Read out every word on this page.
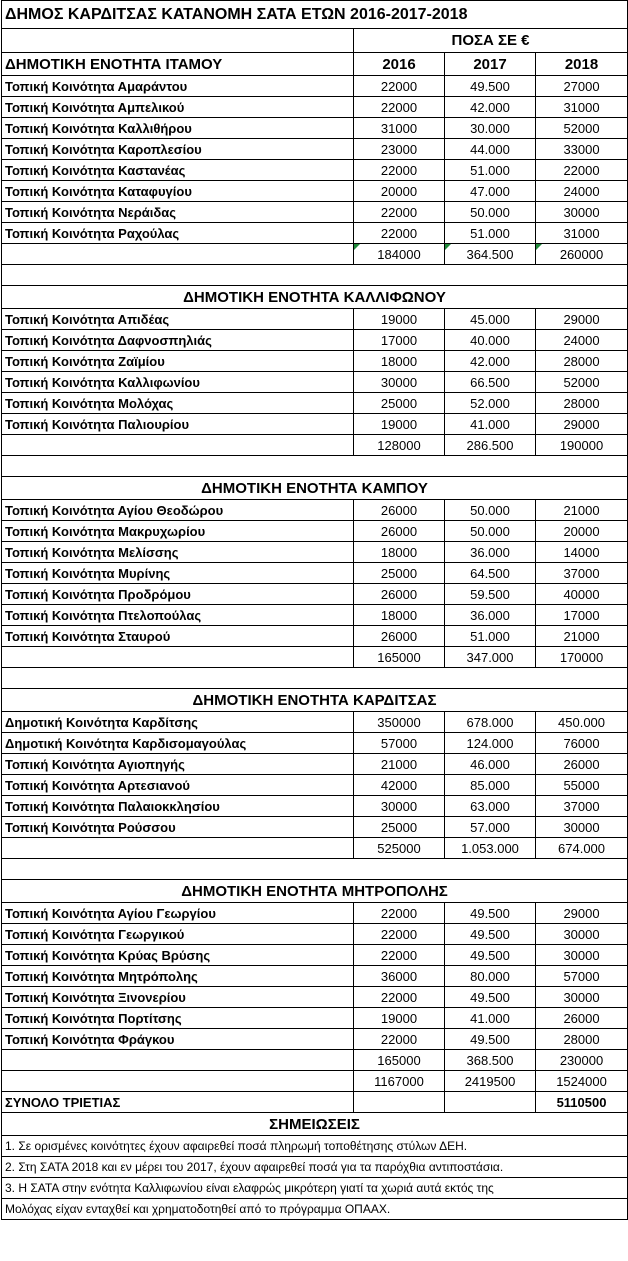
ΔΗΜΟΣ ΚΑΡΔΙΤΣΑΣ ΚΑΤΑΝΟΜΗ ΣΑΤΑ ΕΤΩΝ 2016-2017-2018			
	ΠΟΣΑ ΣΕ €		
ΔΗΜΟΤΙΚΗ ΕΝΟΤΗΤΑ ΙΤΑΜΟΥ	2016	2017	2018
Τοπική Κοινότητα Αμαράντου	22000	49.500	27000
Τοπική Κοινότητα Αμπελικού	22000	42.000	31000
Τοπική Κοινότητα Καλλιθήρου	31000	30.000	52000
Τοπική Κοινότητα Καροπλεσίου	23000	44.000	33000
Τοπική Κοινότητα Καστανέας	22000	51.000	22000
Τοπική Κοινότητα Καταφυγίου	20000	47.000	24000
Τοπική Κοινότητα Νεράιδας	22000	50.000	30000
Τοπική Κοινότητα Ραχούλας	22000	51.000	31000
	184000	364.500	260000

ΔΗΜΟΤΙΚΗ ΕΝΟΤΗΤΑ ΚΑΛΛΙΦΩΝΟΥ			
Τοπική Κοινότητα Απιδέας	19000	45.000	29000
Τοπική Κοινότητα Δαφνοσπηλιάς	17000	40.000	24000
Τοπική Κοινότητα Ζαϊμίου	18000	42.000	28000
Τοπική Κοινότητα Καλλιφωνίου	30000	66.500	52000
Τοπική Κοινότητα Μολόχας	25000	52.000	28000
Τοπική Κοινότητα Παλιουρίου	19000	41.000	29000
	128000	286.500	190000

ΔΗΜΟΤΙΚΗ ΕΝΟΤΗΤΑ ΚΑΜΠΟΥ			
Τοπική Κοινότητα Αγίου Θεοδώρου	26000	50.000	21000
Τοπική Κοινότητα Μακρυχωρίου	26000	50.000	20000
Τοπική Κοινότητα Μελίσσης	18000	36.000	14000
Τοπική Κοινότητα Μυρίνης	25000	64.500	37000
Τοπική Κοινότητα Προδρόμου	26000	59.500	40000
Τοπική Κοινότητα Πτελοπούλας	18000	36.000	17000
Τοπική Κοινότητα Σταυρού	26000	51.000	21000
	165000	347.000	170000

ΔΗΜΟΤΙΚΗ ΕΝΟΤΗΤΑ ΚΑΡΔΙΤΣΑΣ			
Δημοτική Κοινότητα Καρδίτσης	350000	678.000	450.000
Δημοτική Κοινότητα Καρδισομαγούλας	57000	124.000	76000
Τοπική Κοινότητα Αγιοπηγής	21000	46.000	26000
Τοπική Κοινότητα Αρτεσιανού	42000	85.000	55000
Τοπική Κοινότητα Παλαιοκκλησίου	30000	63.000	37000
Τοπική Κοινότητα Ρούσσου	25000	57.000	30000
	525000	1.053.000	674.000

ΔΗΜΟΤΙΚΗ ΕΝΟΤΗΤΑ ΜΗΤΡΟΠΟΛΗΣ			
Τοπική Κοινότητα Αγίου Γεωργίου	22000	49.500	29000
Τοπική Κοινότητα Γεωργικού	22000	49.500	30000
Τοπική Κοινότητα Κρύας Βρύσης	22000	49.500	30000
Τοπική Κοινότητα Μητρόπολης	36000	80.000	57000
Τοπική Κοινότητα Ξινονερίου	22000	49.500	30000
Τοπική Κοινότητα Πορτίτσης	19000	41.000	26000
Τοπική Κοινότητα Φράγκου	22000	49.500	28000
	165000	368.500	230000
	1167000	2419500	1524000
ΣΥΝΟΛΟ ΤΡΙΕΤΙΑΣ			5110500
ΣΗΜΕΙΩΣΕΙΣ			
1. Σε ορισμένες κοινότητες έχουν αφαιρεθεί ποσά πληρωμή τοποθέτησης στύλων ΔΕΗ.			
2. Στη ΣΑΤΑ 2018 και εν μέρει του 2017, έχουν αφαιρεθεί ποσά για τα παρόχθια αντιποστάσια.			
3. Η ΣΑΤΑ στην ενότητα Καλλιφωνίου είναι ελαφρώς μικρότερη γιατί τα χωριά αυτά εκτός της			
Μολόχας είχαν ενταχθεί και χρηματοδοτηθεί από το πρόγραμμα ΟΠΑΑΧ.			
